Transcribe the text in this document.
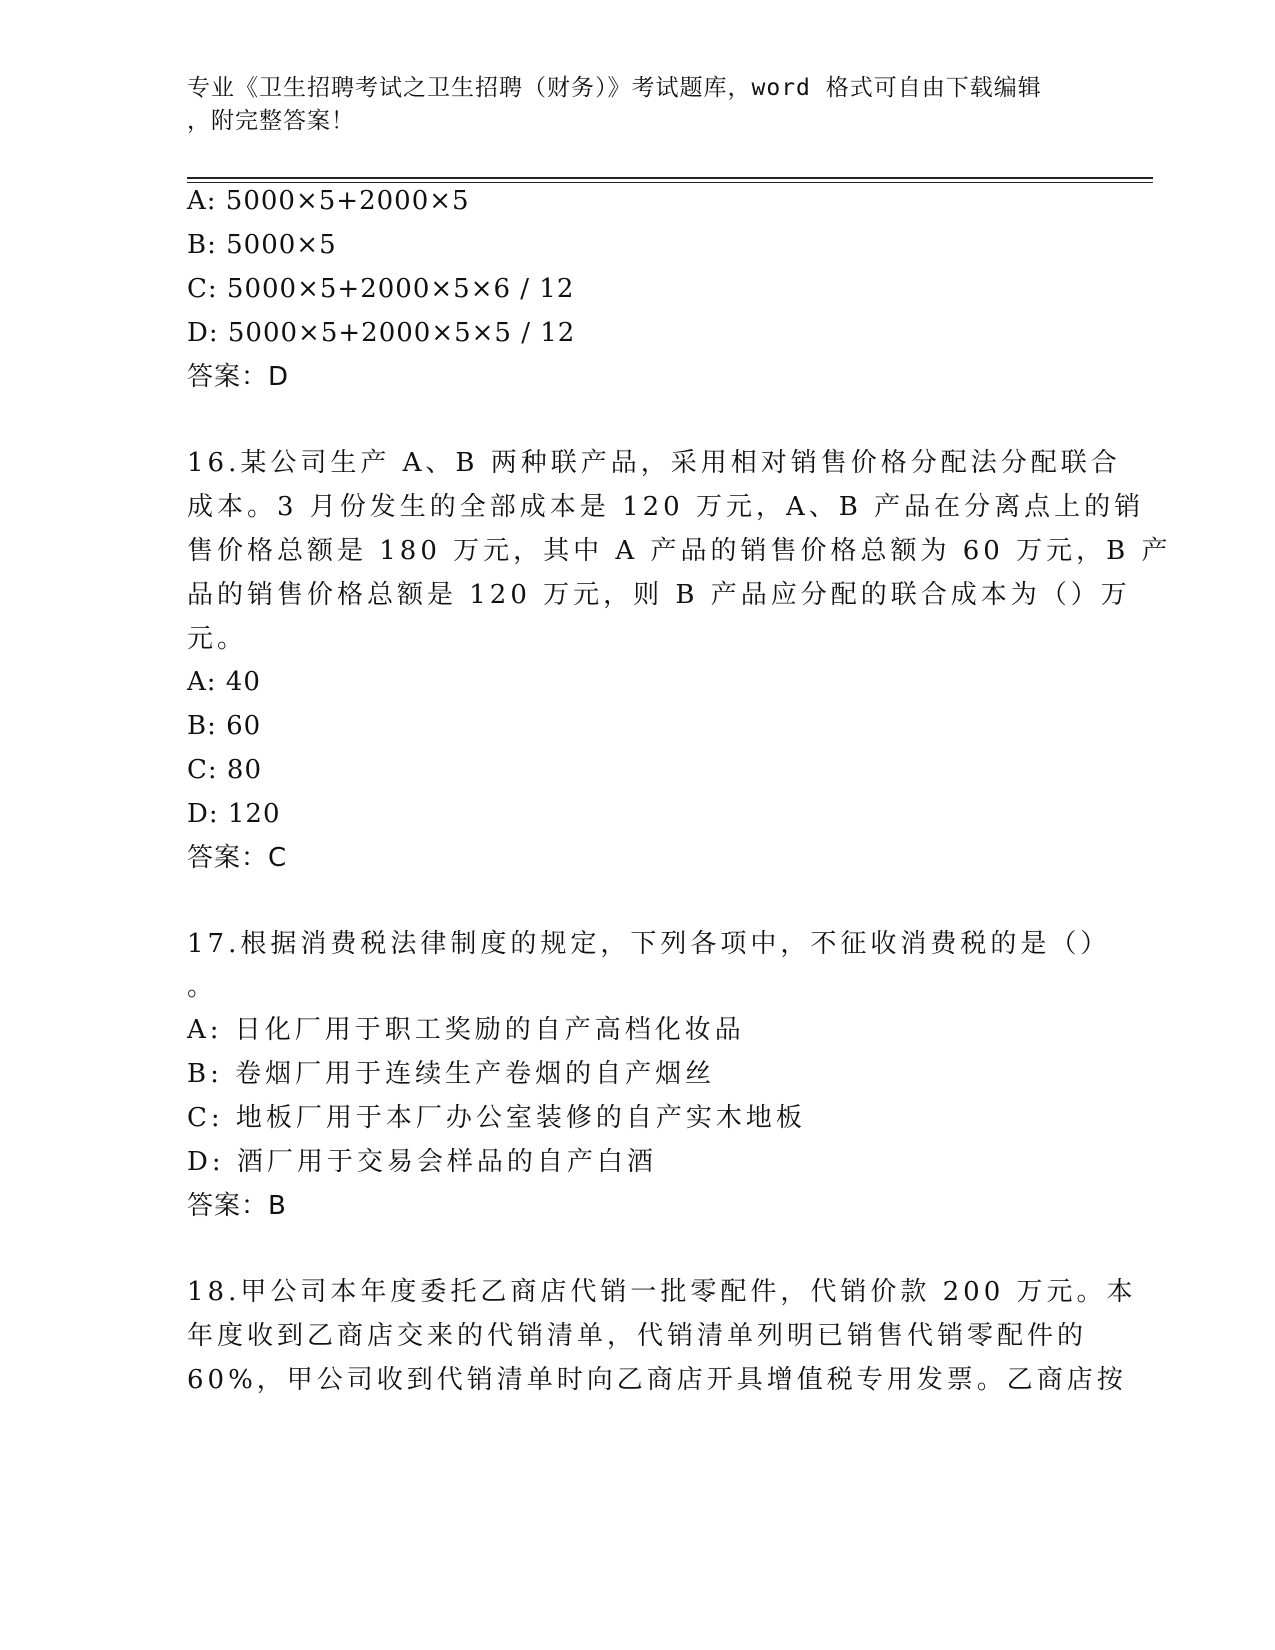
专业《卫生招聘考试之卫生招聘（财务）》考试题库，word 格式可自由下载编辑
，附完整答案！
A: 5000×5+2000×5
B: 5000×5
C: 5000×5+2000×5×6 / 12
D: 5000×5+2000×5×5 / 12
答案：D
16.某公司生产 A、B 两种联产品，采用相对销售价格分配法分配联合
成本。3 月份发生的全部成本是 120 万元，A、B 产品在分离点上的销
售价格总额是 180 万元，其中 A 产品的销售价格总额为 60 万元，B 产
品的销售价格总额是 120 万元，则 B 产品应分配的联合成本为（）万
元。
A: 40
B: 60
C: 80
D: 120
答案：C
17.根据消费税法律制度的规定，下列各项中，不征收消费税的是（）
。
A: 日化厂用于职工奖励的自产高档化妆品
B: 卷烟厂用于连续生产卷烟的自产烟丝
C: 地板厂用于本厂办公室装修的自产实木地板
D: 酒厂用于交易会样品的自产白酒
答案：B
18.甲公司本年度委托乙商店代销一批零配件，代销价款 200 万元。本
年度收到乙商店交来的代销清单，代销清单列明已销售代销零配件的
60%，甲公司收到代销清单时向乙商店开具增值税专用发票。乙商店按
